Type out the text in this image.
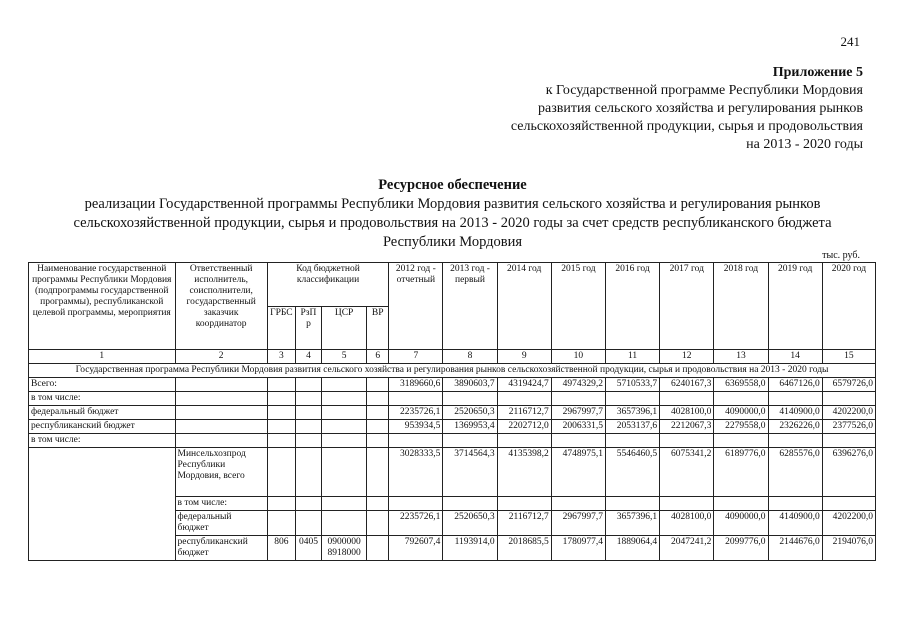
241
Приложение 5
к Государственной программе Республики Мордовия
развития сельского хозяйства и регулирования рынков
сельскохозяйственной продукции, сырья и продовольствия
на 2013 - 2020 годы
Ресурсное обеспечение
реализации Государственной программы Республики Мордовия развития сельского хозяйства и регулирования рынков
сельскохозяйственной продукции, сырья и продовольствия на 2013 - 2020 годы за счет средств республиканского бюджета
Республики Мордовия
тыс. руб.
Наименование государственной программы Республики Мордовия (подпрограммы государственной программы), республиканской целевой программы, мероприятия	Ответственный исполнитель, соисполнители, государственный заказчик координатор	Код бюджетной классификации				2012 год - отчетный	2013 год - первый	2014 год	2015 год	2016 год	2017 год	2018 год	2019 год	2020 год
		ГРБС	РзП р	ЦСР	ВР									
1	2	3	4	5	6	7	8	9	10	11	12	13	14	15
Государственная программа Республики Мордовия развития сельского хозяйства и регулирования рынков сельскохозяйственной продукции, сырья и продовольствия на 2013 - 2020 годы														
Всего:						3189660,6	3890603,7	4319424,7	4974329,2	5710533,7	6240167,3	6369558,0	6467126,0	6579726,0
в том числе:														
федеральный бюджет						2235726,1	2520650,3	2116712,7	2967997,7	3657396,1	4028100,0	4090000,0	4140900,0	4202200,0
республиканский бюджет						953934,5	1369953,4	2202712,0	2006331,5	2053137,6	2212067,3	2279558,0	2326226,0	2377526,0
в том числе:														
	Минсельхозпрод Республики Мордовия, всего					3028333,5	3714564,3	4135398,2	4748975,1	5546460,5	6075341,2	6189776,0	6285576,0	6396276,0
	в том числе:													
	федеральный бюджет					2235726,1	2520650,3	2116712,7	2967997,7	3657396,1	4028100,0	4090000,0	4140900,0	4202200,0
	республиканский бюджет	806	0405	0900000 8918000		792607,4	1193914,0	2018685,5	1780977,4	1889064,4	2047241,2	2099776,0	2144676,0	2194076,0
